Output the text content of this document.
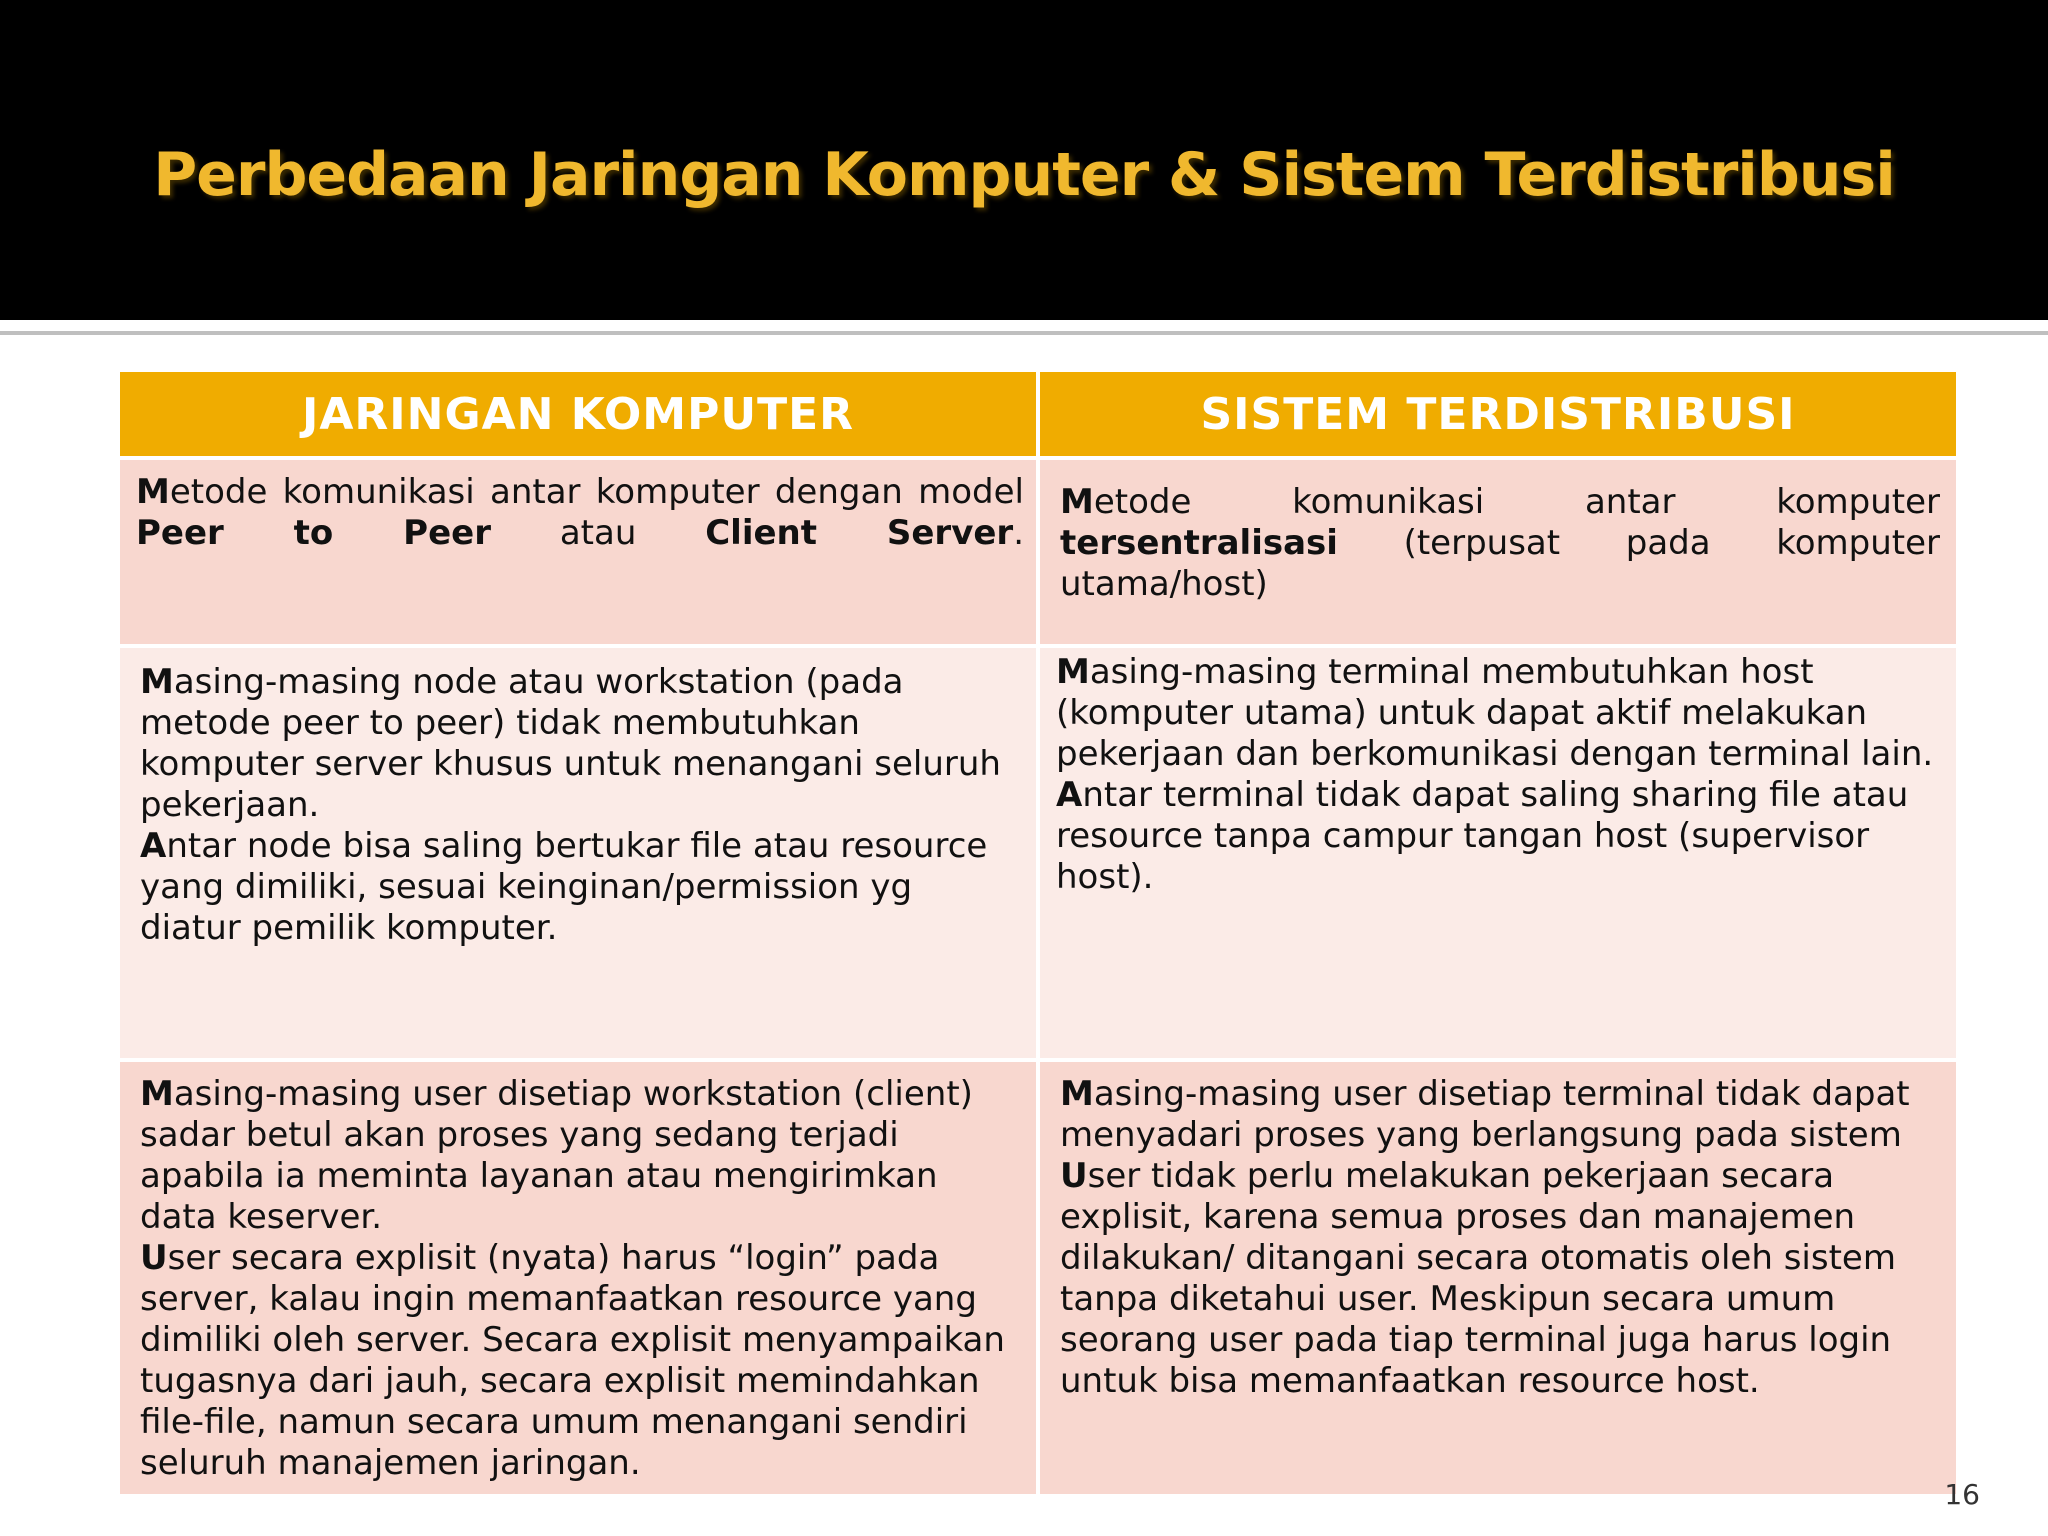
Perbedaan Jaringan Komputer & Sistem Terdistribusi
JARINGAN KOMPUTER	SISTEM TERDISTRIBUSI

Metode komunikasi antar komputer dengan model Peer to Peer atau Client Server.

Metode komunikasi antar komputer tersentralisasi (terpusat pada komputer utama/host)

Masing-masing node atau workstation (pada metode peer to peer) tidak membutuhkan komputer server khusus untuk menangani seluruh pekerjaan.

Antar node bisa saling bertukar file atau resource yang dimiliki, sesuai keinginan/permission yg diatur pemilik komputer.

Masing-masing terminal membutuhkan host (komputer utama) untuk dapat aktif melakukan pekerjaan dan berkomunikasi dengan terminal lain.

Antar terminal tidak dapat saling sharing file atau resource tanpa campur tangan host (supervisor host).

Masing-masing user disetiap workstation (client) sadar betul akan proses yang sedang terjadi apabila ia meminta layanan atau mengirimkan data keserver.

User secara explisit (nyata) harus “login” pada server, kalau ingin memanfaatkan resource yang dimiliki oleh server. Secara explisit menyampaikan tugasnya dari jauh, secara explisit memindahkan file-file, namun secara umum menangani sendiri seluruh manajemen jaringan.

Masing-masing user disetiap terminal tidak dapat menyadari proses yang berlangsung pada sistem

User tidak perlu melakukan pekerjaan secara explisit, karena semua proses dan manajemen dilakukan/ ditangani secara otomatis oleh sistem tanpa diketahui user. Meskipun secara umum seorang user pada tiap terminal juga harus login untuk bisa memanfaatkan resource host.

16
